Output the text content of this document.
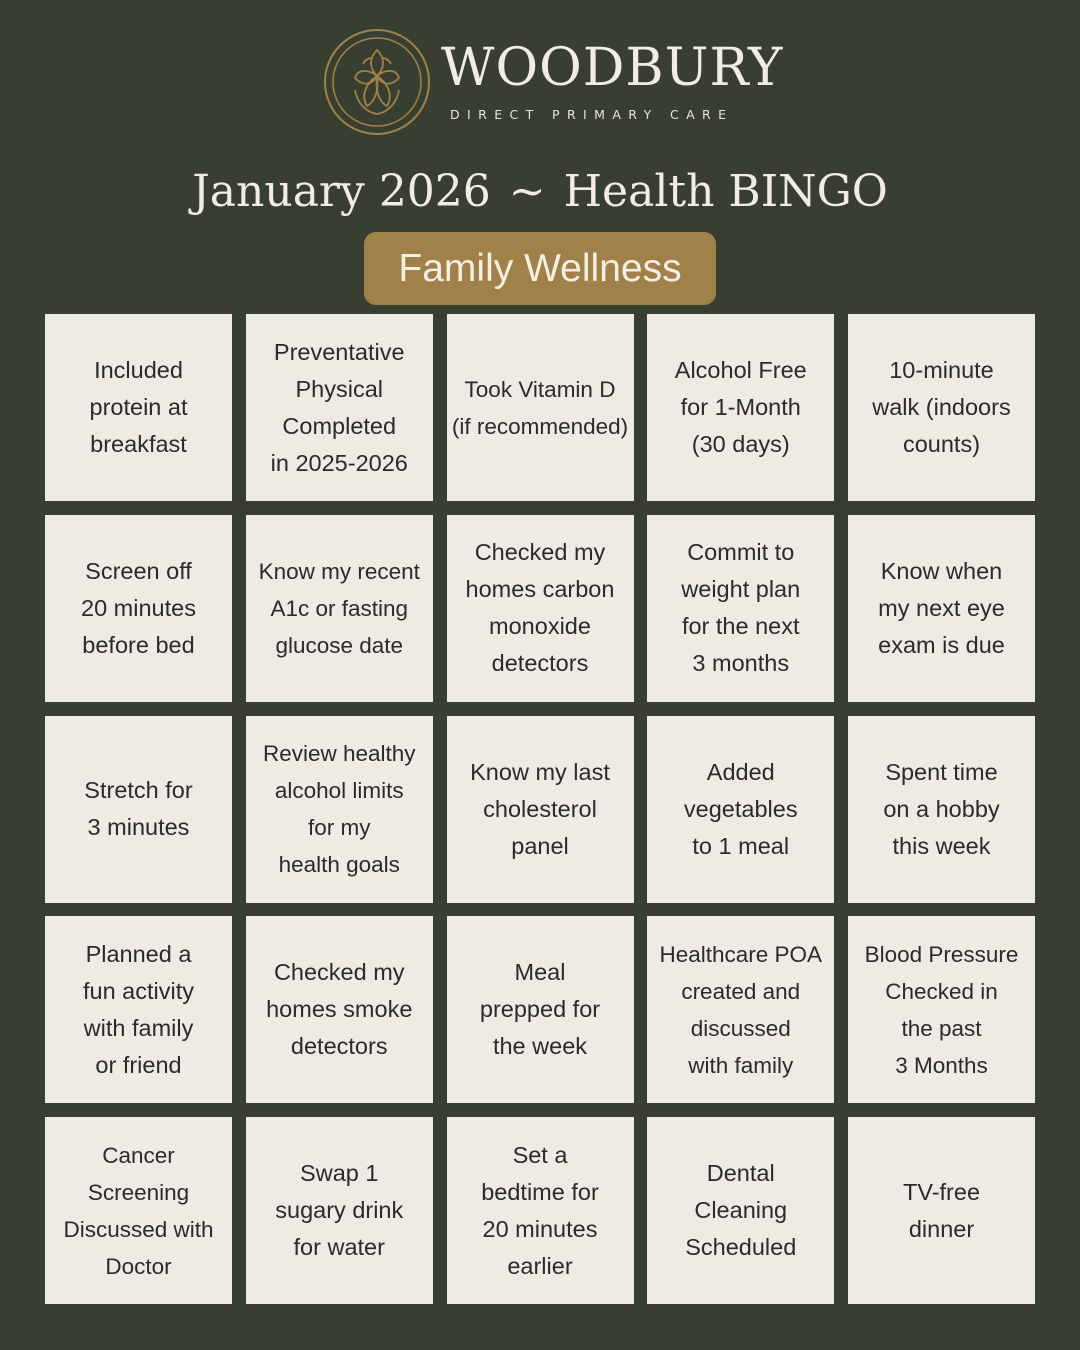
WOODBURY
DIRECT PRIMARY CARE
January 2026 ~ Health BINGO
Family Wellness
Included
protein at
breakfast
Preventative
Physical
Completed
in 2025-2026
Took Vitamin D
(if recommended)
Alcohol Free
for 1-Month
(30 days)
10-minute
walk (indoors
counts)
Screen off
20 minutes
before bed
Know my recent
A1c or fasting
glucose date
Checked my
homes carbon
monoxide
detectors
Commit to
weight plan
for the next
3 months
Know when
my next eye
exam is due
Stretch for
3 minutes
Review healthy
alcohol limits
for my
health goals
Know my last
cholesterol
panel
Added
vegetables
to 1 meal
Spent time
on a hobby
this week
Planned a
fun activity
with family
or friend
Checked my
homes smoke
detectors
Meal
prepped for
the week
Healthcare POA
created and
discussed
with family
Blood Pressure
Checked in
the past
3 Months
Cancer
Screening
Discussed with
Doctor
Swap 1
sugary drink
for water
Set a
bedtime for
20 minutes
earlier
Dental
Cleaning
Scheduled
TV-free
dinner
